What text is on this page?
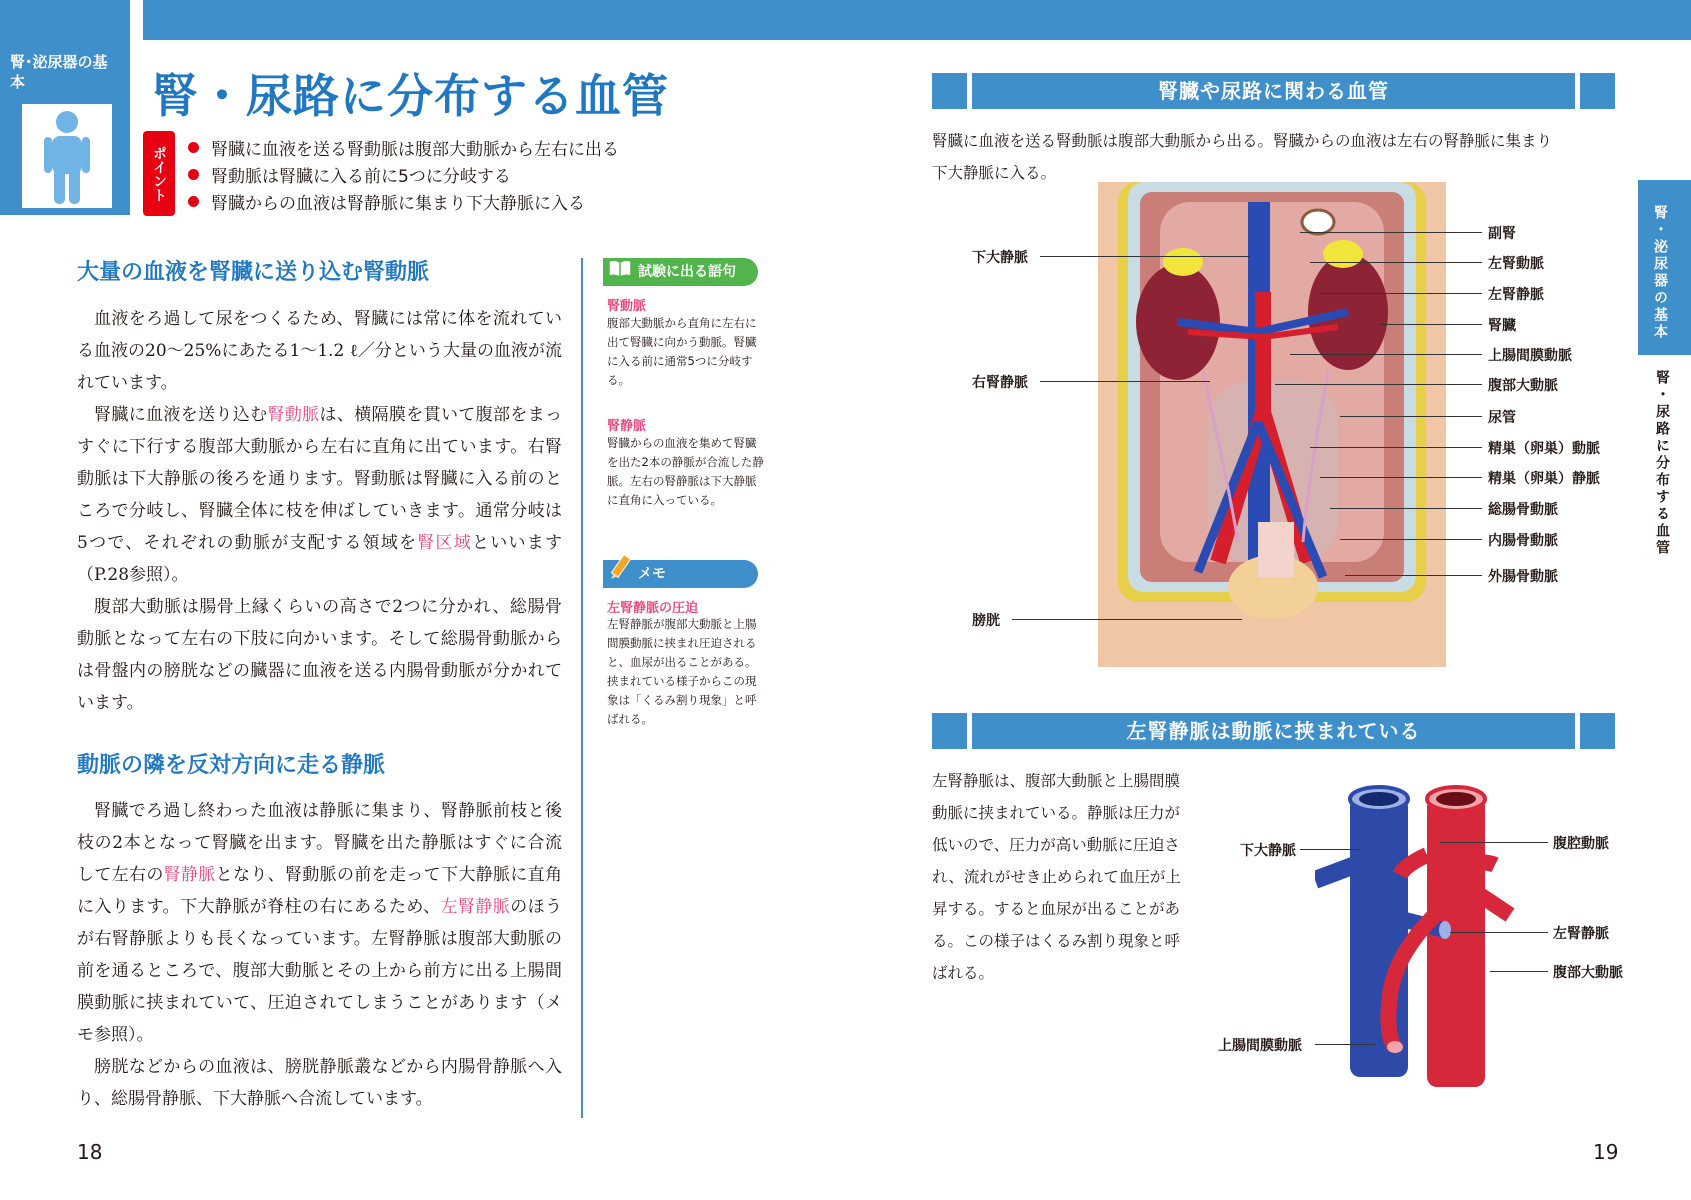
腎･泌尿器の基本	腎・尿路に分布する血管
ポイント	腎臓に血液を送る腎動脈は腹部大動脈から左右に出る
腎動脈は腎臓に入る前に5つに分岐する
腎臓からの血液は腎静脈に集まり下大静脈に入る
大量の血液を腎臓に送り込む腎動脈

血液をろ過して尿をつくるため、腎臓には常に体を流れている血液の20〜25%にあたる1〜1.2 ℓ／分という大量の血液が流れています。

腎臓に血液を送り込む腎動脈は、横隔膜を貫いて腹部をまっすぐに下行する腹部大動脈から左右に直角に出ています。右腎動脈は下大静脈の後ろを通ります。腎動脈は腎臓に入る前のところで分岐し、腎臓全体に枝を伸ばしていきます。通常分岐は5つで、それぞれの動脈が支配する領域を腎区域といいます（P.28参照）。

腹部大動脈は腸骨上縁くらいの高さで2つに分かれ、総腸骨動脈となって左右の下肢に向かいます。そして総腸骨動脈からは骨盤内の膀胱などの臓器に血液を送る内腸骨動脈が分かれています。

動脈の隣を反対方向に走る静脈

腎臓でろ過し終わった血液は静脈に集まり、腎静脈前枝と後枝の2本となって腎臓を出ます。腎臓を出た静脈はすぐに合流して左右の腎静脈となり、腎動脈の前を走って下大静脈に直角に入ります。下大静脈が脊柱の右にあるため、左腎静脈のほうが右腎静脈よりも長くなっています。左腎静脈は腹部大動脈の前を通るところで、腹部大動脈とその上から前方に出る上腸間膜動脈に挟まれていて、圧迫されてしまうことがあります（メモ参照）。

膀胱などからの血液は、膀胱静脈叢などから内腸骨静脈へ入り、総腸骨静脈、下大静脈へ合流しています。

試験に出る語句
腎動脈
腹部大動脈から直角に左右に出て腎臓に向かう動脈。腎臓に入る前に通常5つに分岐する。
腎静脈
腎臓からの血液を集めて腎臓を出た2本の静脈が合流した静脈。左右の腎静脈は下大静脈に直角に入っている。
メモ
左腎静脈の圧迫
左腎静脈が腹部大動脈と上腸間膜動脈に挟まれ圧迫されると、血尿が出ることがある。挟まれている様子からこの現象は「くるみ割り現象」と呼ばれる。
18
腎臓や尿路に関わる血管
腎臓に血液を送る腎動脈は腹部大動脈から出る。腎臓からの血液は左右の腎静脈に集まり
下大静脈に入る。
下大静脈
右腎静脈
膀胱
副腎
左腎動脈
左腎静脈
腎臓
上腸間膜動脈
腹部大動脈
尿管
精巣（卵巣）動脈
精巣（卵巣）静脈
総腸骨動脈
内腸骨動脈
外腸骨動脈
左腎静脈は動脈に挟まれている
左腎静脈は、腹部大動脈と上腸間膜
動脈に挟まれている。静脈は圧力が
低いので、圧力が高い動脈に圧迫さ
れ、流れがせき止められて血圧が上
昇する。すると血尿が出ることがあ
る。この様子はくるみ割り現象と呼
ばれる。
下大静脈	腹腔動脈
左腎静脈
腹部大動脈
上腸間膜動脈
腎・泌尿器の基本
腎・尿路に分布する血管
19
